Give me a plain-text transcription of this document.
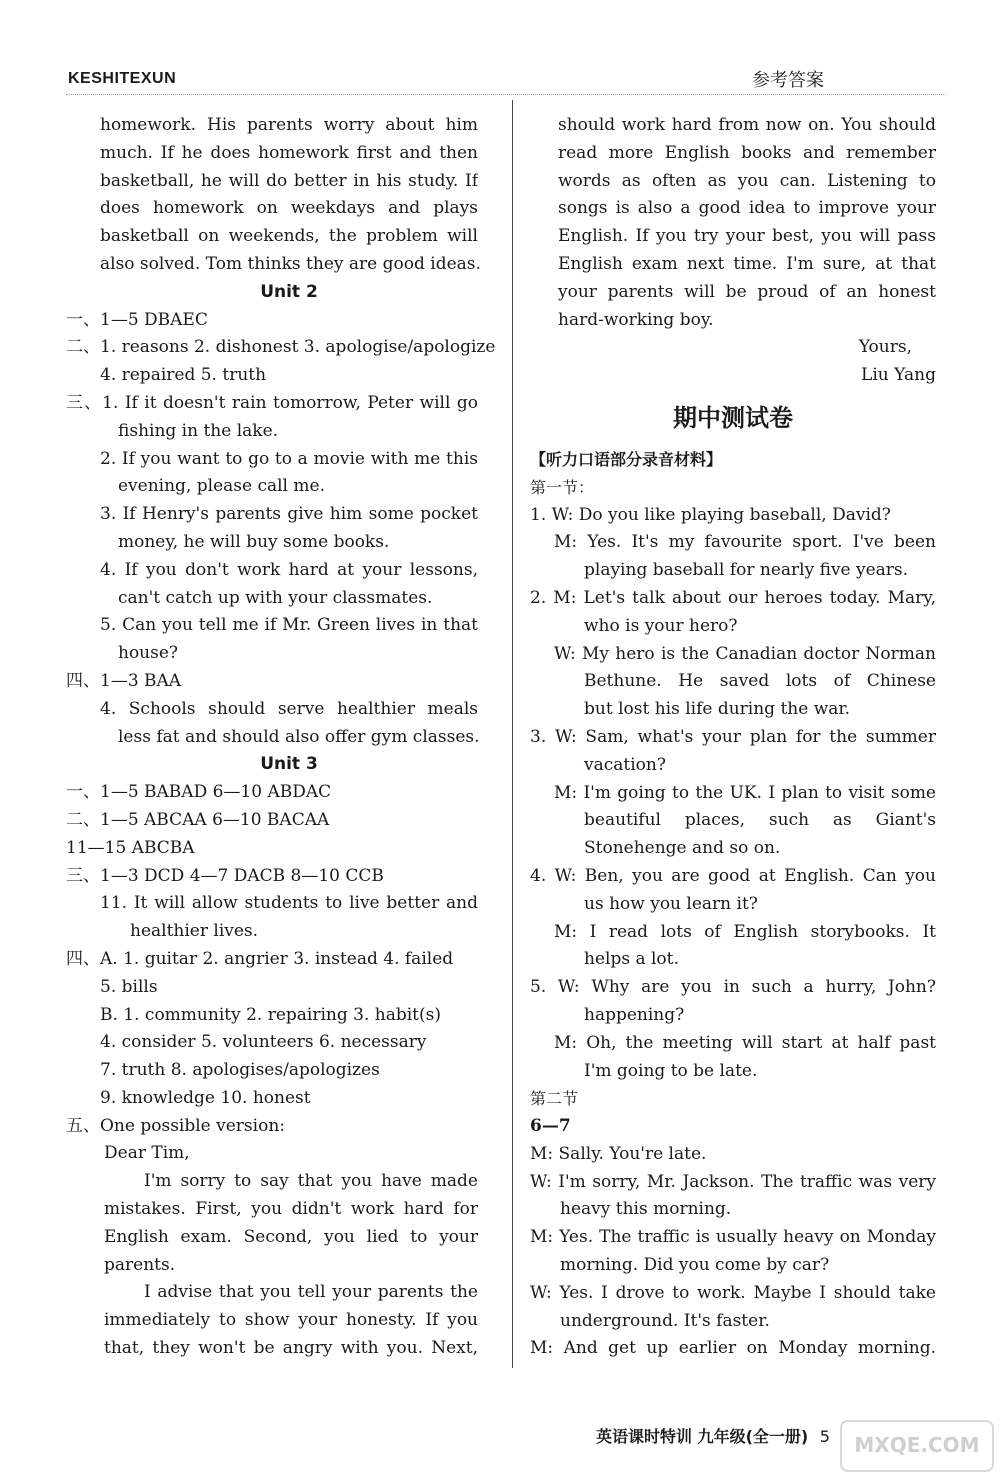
KESHITEXUN	参考答案
homework. His parents worry about him
much. If he does homework first and then
basketball, he will do better in his study. If
does homework on weekdays and plays
basketball on weekends, the problem will
also solved. Tom thinks they are good ideas.
Unit 2
一、1—5 DBAEC
二、1. reasons 2. dishonest 3. apologise/apologize
4. repaired 5. truth
三、1. If it doesn't rain tomorrow, Peter will go
fishing in the lake.
2. If you want to go to a movie with me this
evening, please call me.
3. If Henry's parents give him some pocket
money, he will buy some books.
4. If you don't work hard at your lessons,
can't catch up with your classmates.
5. Can you tell me if Mr. Green lives in that
house?
四、1—3 BAA
4. Schools should serve healthier meals
less fat and should also offer gym classes.
Unit 3
一、1—5 BABAD 6—10 ABDAC
二、1—5 ABCAA 6—10 BACAA
11—15 ABCBA
三、1—3 DCD 4—7 DACB 8—10 CCB
11. It will allow students to live better and
healthier lives.
四、A. 1. guitar 2. angrier 3. instead 4. failed
5. bills
B. 1. community 2. repairing 3. habit(s)
4. consider 5. volunteers 6. necessary
7. truth 8. apologises/apologizes
9. knowledge 10. honest
五、One possible version:
Dear Tim,
I'm sorry to say that you have made
mistakes. First, you didn't work hard for
English exam. Second, you lied to your
parents.
I advise that you tell your parents the
immediately to show your honesty. If you
that, they won't be angry with you. Next,
should work hard from now on. You should
read more English books and remember
words as often as you can. Listening to
songs is also a good idea to improve your
English. If you try your best, you will pass
English exam next time. I'm sure, at that
your parents will be proud of an honest
hard-working boy.
Yours,
Liu Yang
期中测试卷
【听力口语部分录音材料】
第一节：
1. W: Do you like playing baseball, David?
M: Yes. It's my favourite sport. I've been
playing baseball for nearly five years.
2. M: Let's talk about our heroes today. Mary,
who is your hero?
W: My hero is the Canadian doctor Norman
Bethune. He saved lots of Chinese
but lost his life during the war.
3. W: Sam, what's your plan for the summer
vacation?
M: I'm going to the UK. I plan to visit some
beautiful places, such as Giant's
Stonehenge and so on.
4. W: Ben, you are good at English. Can you
us how you learn it?
M: I read lots of English storybooks. It
helps a lot.
5. W: Why are you in such a hurry, John?
happening?
M: Oh, the meeting will start at half past
I'm going to be late.
第二节
6—7
M: Sally. You're late.
W: I'm sorry, Mr. Jackson. The traffic was very
heavy this morning.
M: Yes. The traffic is usually heavy on Monday
morning. Did you come by car?
W: Yes. I drove to work. Maybe I should take
underground. It's faster.
M: And get up earlier on Monday morning.
英语课时特训 九年级(全一册) 5	MXQE.COM
